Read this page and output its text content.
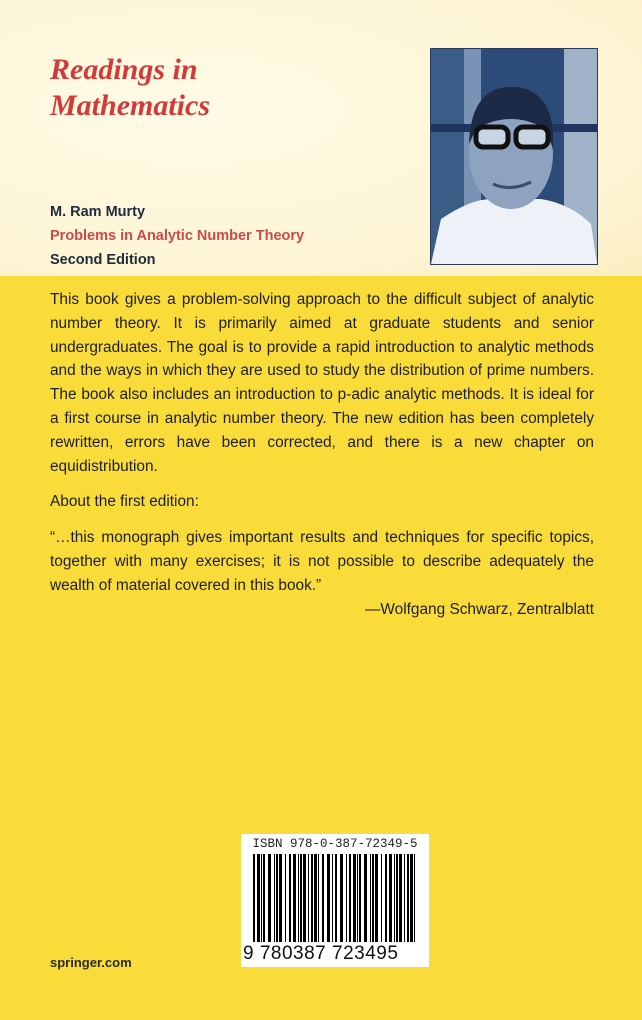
Readings in
Mathematics
M. Ram Murty
Problems in Analytic Number Theory
Second Edition

This book gives a problem-solving approach to the difficult subject of analytic number theory. It is primarily aimed at graduate students and senior undergraduates. The goal is to provide a rapid introduction to analytic methods and the ways in which they are used to study the distribution of prime numbers. The book also includes an introduction to p-adic analytic methods. It is ideal for a first course in analytic number theory. The new edition has been completely rewritten, errors have been corrected, and there is a new chapter on equidistribution.

About the first edition:

“…this monograph gives important results and techniques for specific topics, together with many exercises; it is not possible to describe adequately the wealth of material covered in this book.”

—Wolfgang Schwarz, Zentralblatt

ISBN 978-0-387-72349-5
9 780387 723495
springer.com
